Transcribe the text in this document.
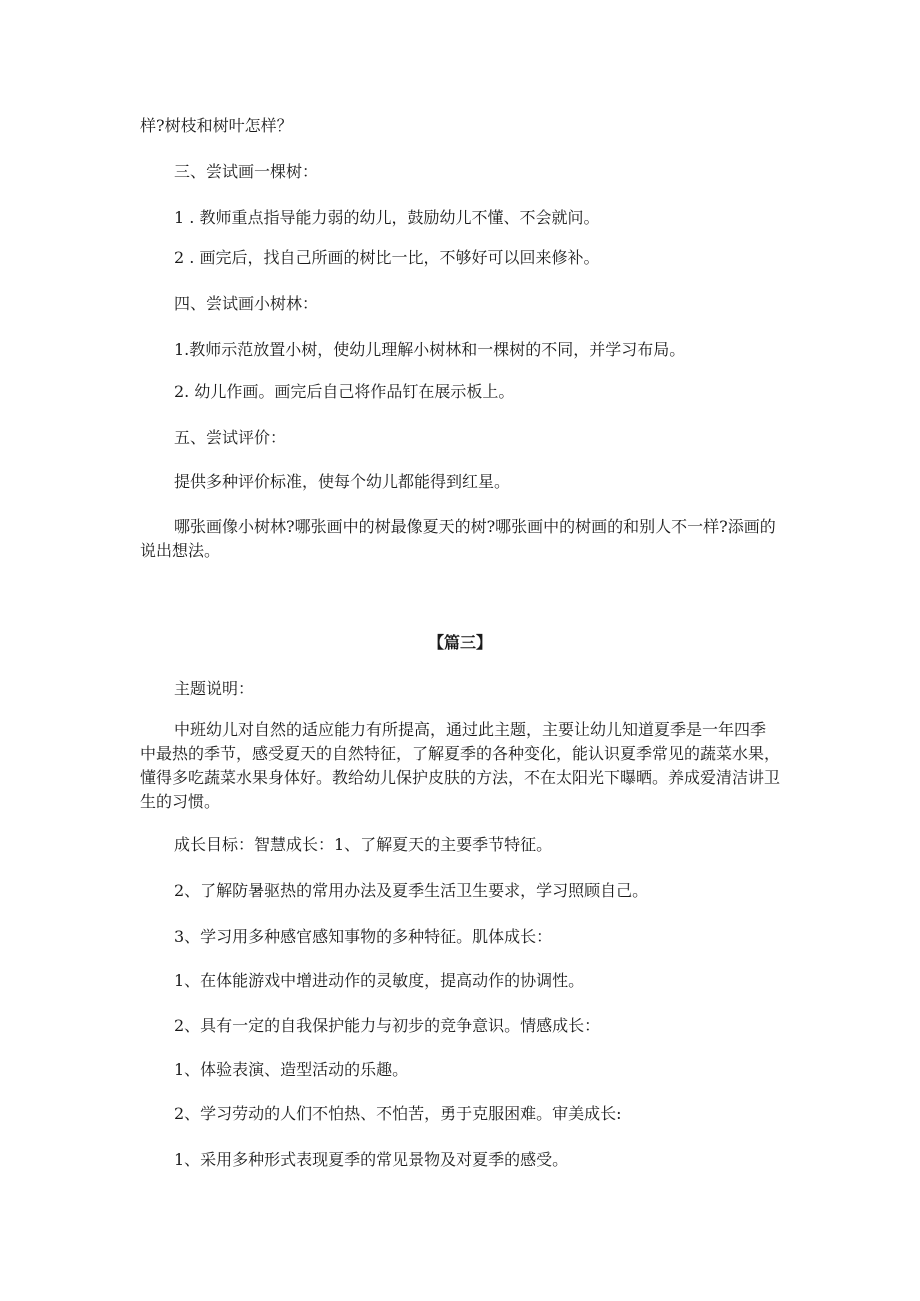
样?树枝和树叶怎样？

三、尝试画一棵树：

1 . 教师重点指导能力弱的幼儿，鼓励幼儿不懂、不会就问。

2 . 画完后，找自己所画的树比一比，不够好可以回来修补。

四、尝试画小树林：

1.教师示范放置小树，使幼儿理解小树林和一棵树的不同，并学习布局。

2. 幼儿作画。画完后自己将作品钉在展示板上。

五、尝试评价：

提供多种评价标准，使每个幼儿都能得到红星。

哪张画像小树林?哪张画中的树最像夏天的树?哪张画中的树画的和别人不一样?添画的说出想法。

【篇三】

主题说明：

中班幼儿对自然的适应能力有所提高，通过此主题，主要让幼儿知道夏季是一年四季中最热的季节，感受夏天的自然特征，了解夏季的各种变化，能认识夏季常见的蔬菜水果，懂得多吃蔬菜水果身体好。教给幼儿保护皮肤的方法，不在太阳光下曝晒。养成爱清洁讲卫生的习惯。

成长目标：智慧成长：1、了解夏天的主要季节特征。

2、了解防暑驱热的常用办法及夏季生活卫生要求，学习照顾自己。

3、学习用多种感官感知事物的多种特征。肌体成长：

1、在体能游戏中增进动作的灵敏度，提高动作的协调性。

2、具有一定的自我保护能力与初步的竞争意识。情感成长：

1、体验表演、造型活动的乐趣。

2、学习劳动的人们不怕热、不怕苦，勇于克服困难。审美成长:

1、采用多种形式表现夏季的常见景物及对夏季的感受。
